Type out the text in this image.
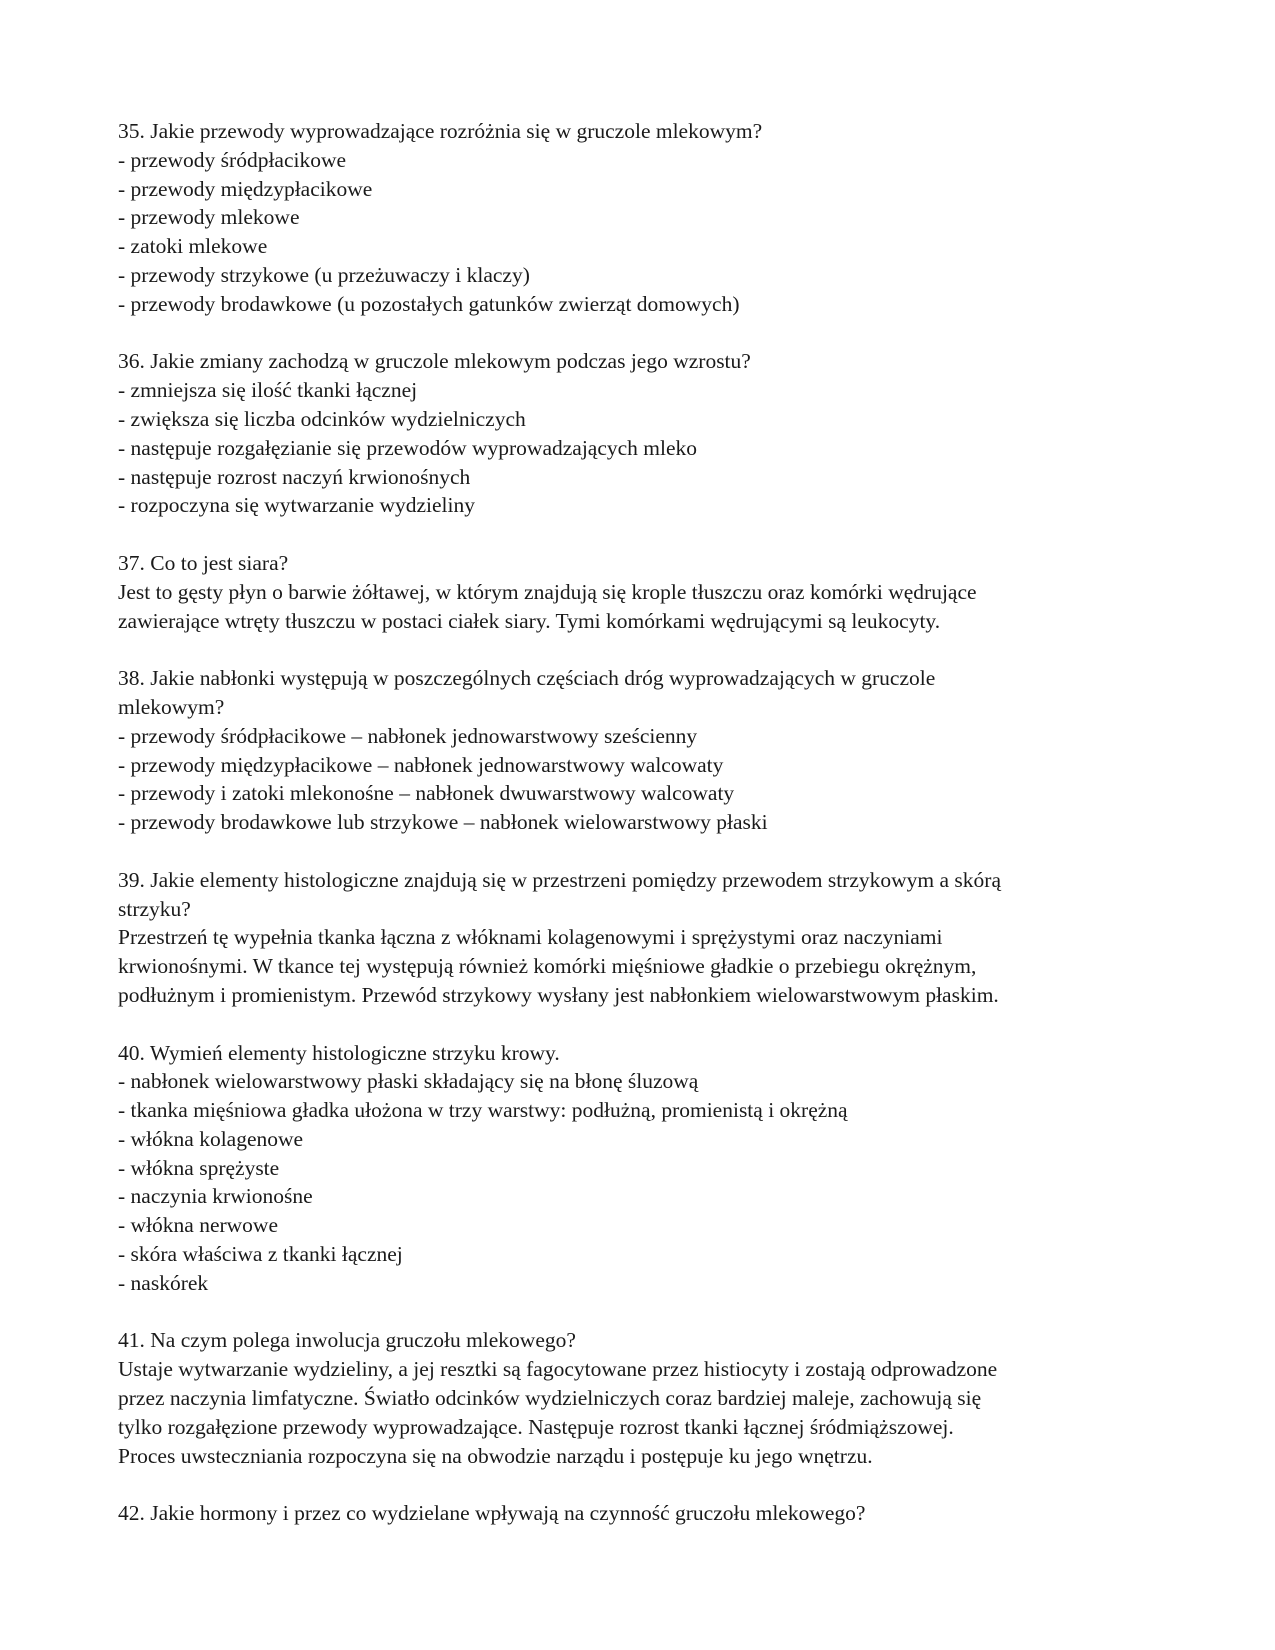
35. Jakie przewody wyprowadzające rozróżnia się w gruczole mlekowym?
- przewody śródpłacikowe
- przewody międzypłacikowe
- przewody mlekowe
- zatoki mlekowe
- przewody strzykowe (u przeżuwaczy i klaczy)
- przewody brodawkowe (u pozostałych gatunków zwierząt domowych)
36. Jakie zmiany zachodzą w gruczole mlekowym podczas jego wzrostu?
- zmniejsza się ilość tkanki łącznej
- zwiększa się liczba odcinków wydzielniczych
- następuje rozgałęzianie się przewodów wyprowadzających mleko
- następuje rozrost naczyń krwionośnych
- rozpoczyna się wytwarzanie wydzieliny
37. Co to jest siara?
Jest to gęsty płyn o barwie żółtawej, w którym znajdują się krople tłuszczu oraz komórki wędrujące
zawierające wtręty tłuszczu w postaci ciałek siary. Tymi komórkami wędrującymi są leukocyty.
38. Jakie nabłonki występują w poszczególnych częściach dróg wyprowadzających w gruczole
mlekowym?
- przewody śródpłacikowe – nabłonek jednowarstwowy sześcienny
- przewody międzypłacikowe – nabłonek jednowarstwowy walcowaty
- przewody i zatoki mlekonośne – nabłonek dwuwarstwowy walcowaty
- przewody brodawkowe lub strzykowe – nabłonek wielowarstwowy płaski
39. Jakie elementy histologiczne znajdują się w przestrzeni pomiędzy przewodem strzykowym a skórą
strzyku?
Przestrzeń tę wypełnia tkanka łączna z włóknami kolagenowymi i sprężystymi oraz naczyniami
krwionośnymi. W tkance tej występują również komórki mięśniowe gładkie o przebiegu okrężnym,
podłużnym i promienistym. Przewód strzykowy wysłany jest nabłonkiem wielowarstwowym płaskim.
40. Wymień elementy histologiczne strzyku krowy.
- nabłonek wielowarstwowy płaski składający się na błonę śluzową
- tkanka mięśniowa gładka ułożona w trzy warstwy: podłużną, promienistą i okrężną
- włókna kolagenowe
- włókna sprężyste
- naczynia krwionośne
- włókna nerwowe
- skóra właściwa z tkanki łącznej
- naskórek
41. Na czym polega inwolucja gruczołu mlekowego?
Ustaje wytwarzanie wydzieliny, a jej resztki są fagocytowane przez histiocyty i zostają odprowadzone
przez naczynia limfatyczne. Światło odcinków wydzielniczych coraz bardziej maleje, zachowują się
tylko rozgałęzione przewody wyprowadzające. Następuje rozrost tkanki łącznej śródmiąższowej.
Proces uwsteczniania rozpoczyna się na obwodzie narządu i postępuje ku jego wnętrzu.
42. Jakie hormony i przez co wydzielane wpływają na czynność gruczołu mlekowego?
